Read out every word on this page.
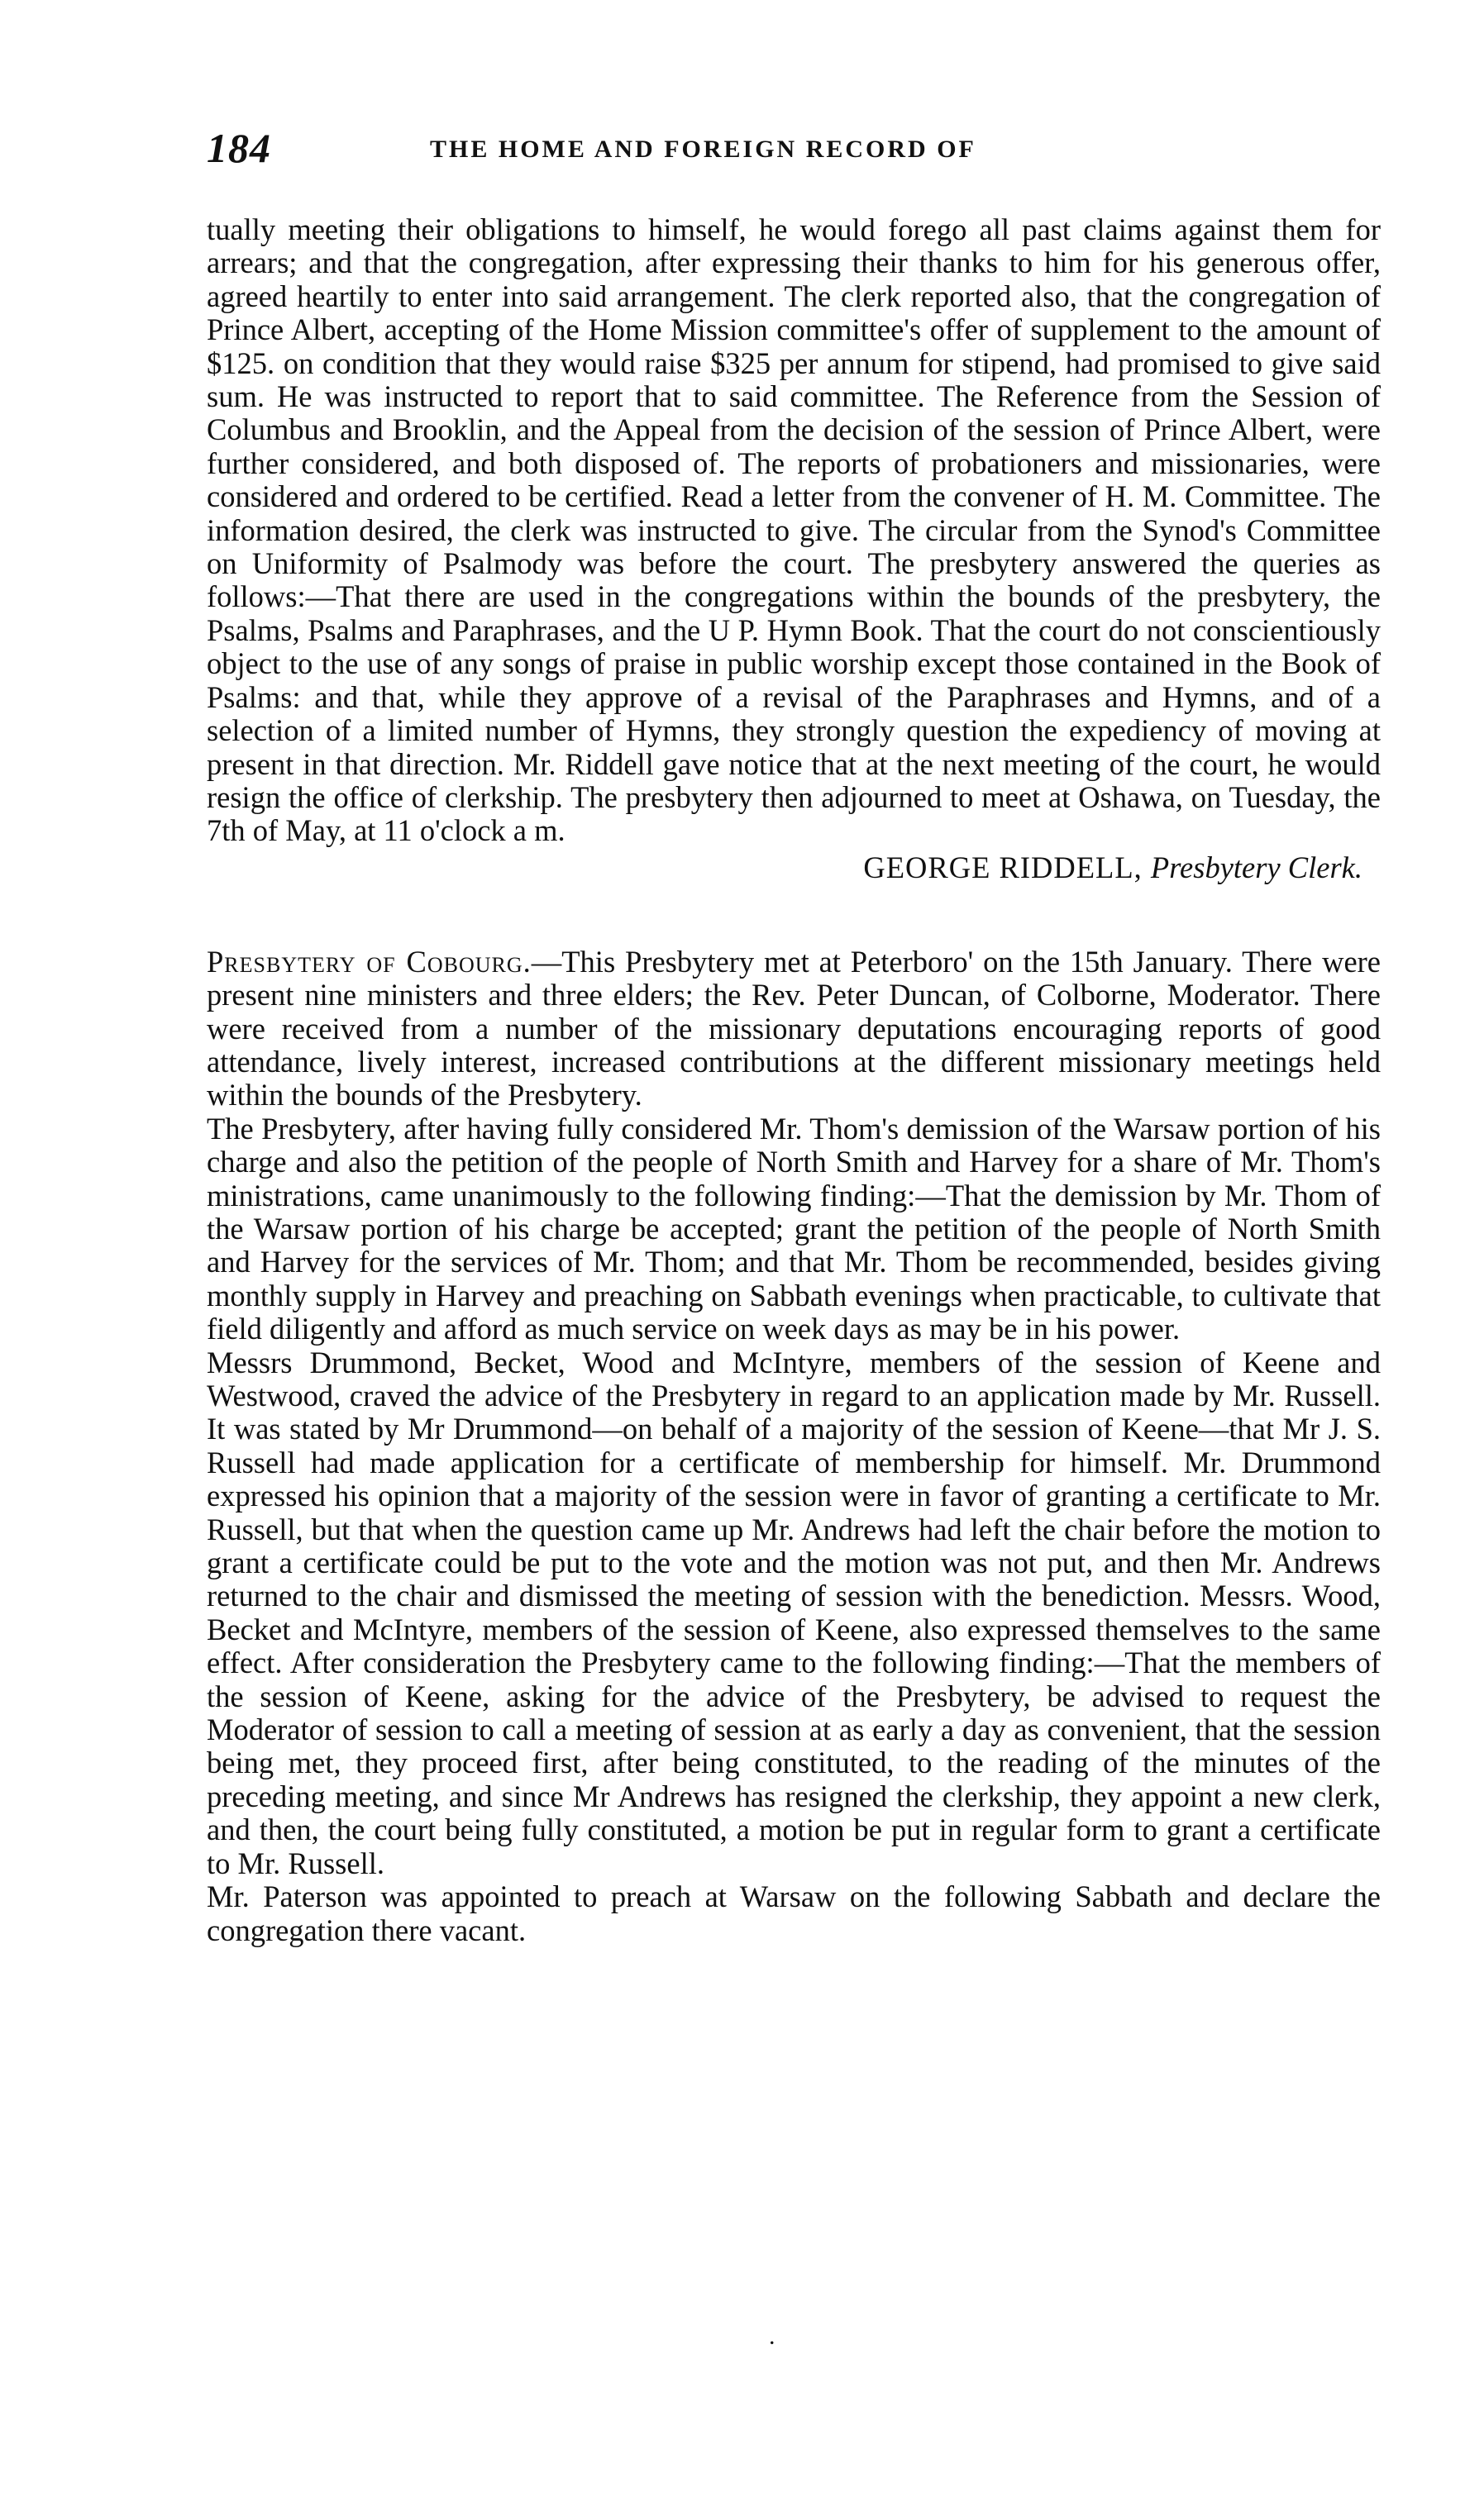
184	THE HOME AND FOREIGN RECORD OF

tually meeting their obligations to himself, he would forego all past claims against them for arrears; and that the congregation, after expressing their thanks to him for his generous offer, agreed heartily to enter into said arrangement. The clerk reported also, that the congregation of Prince Albert, accepting of the Home Mission committee's offer of supplement to the amount of $125. on condition that they would raise $325 per annum for stipend, had promised to give said sum. He was instructed to report that to said committee. The Reference from the Session of Columbus and Brooklin, and the Appeal from the decision of the session of Prince Albert, were further considered, and both disposed of. The reports of probationers and missionaries, were considered and ordered to be certified. Read a letter from the convener of H. M. Committee. The information desired, the clerk was instructed to give. The circular from the Synod's Committee on Uniformity of Psalmody was before the court. The presbytery answered the queries as follows:—That there are used in the congregations within the bounds of the presbytery, the Psalms, Psalms and Paraphrases, and the U P. Hymn Book. That the court do not conscientiously object to the use of any songs of praise in public worship except those contained in the Book of Psalms: and that, while they approve of a revisal of the Paraphrases and Hymns, and of a selection of a limited number of Hymns, they strongly question the expediency of moving at present in that direction. Mr. Riddell gave notice that at the next meeting of the court, he would resign the office of clerkship. The presbytery then adjourned to meet at Oshawa, on Tuesday, the 7th of May, at 11 o'clock a m.

GEORGE RIDDELL, Presbytery Clerk.

Presbytery of Cobourg.—This Presbytery met at Peterboro' on the 15th January. There were present nine ministers and three elders; the Rev. Peter Duncan, of Colborne, Moderator. There were received from a number of the missionary deputations encouraging reports of good attendance, lively interest, increased contributions at the different missionary meetings held within the bounds of the Presbytery.

The Presbytery, after having fully considered Mr. Thom's demission of the Warsaw portion of his charge and also the petition of the people of North Smith and Harvey for a share of Mr. Thom's ministrations, came unanimously to the following finding:—That the demission by Mr. Thom of the Warsaw portion of his charge be accepted; grant the petition of the people of North Smith and Harvey for the services of Mr. Thom; and that Mr. Thom be recommended, besides giving monthly supply in Harvey and preaching on Sabbath evenings when practicable, to cultivate that field diligently and afford as much service on week days as may be in his power.

Messrs Drummond, Becket, Wood and McIntyre, members of the session of Keene and Westwood, craved the advice of the Presbytery in regard to an application made by Mr. Russell. It was stated by Mr Drummond—on behalf of a majority of the session of Keene—that Mr J. S. Russell had made application for a certificate of membership for himself. Mr. Drummond expressed his opinion that a majority of the session were in favor of granting a certificate to Mr. Russell, but that when the question came up Mr. Andrews had left the chair before the motion to grant a certificate could be put to the vote and the motion was not put, and then Mr. Andrews returned to the chair and dismissed the meeting of session with the benediction. Messrs. Wood, Becket and McIntyre, members of the session of Keene, also expressed themselves to the same effect. After consideration the Presbytery came to the following finding:—That the members of the session of Keene, asking for the advice of the Presbytery, be advised to request the Moderator of session to call a meeting of session at as early a day as convenient, that the session being met, they proceed first, after being constituted, to the reading of the minutes of the preceding meeting, and since Mr Andrews has resigned the clerkship, they appoint a new clerk, and then, the court being fully constituted, a motion be put in regular form to grant a certificate to Mr. Russell.

Mr. Paterson was appointed to preach at Warsaw on the following Sabbath and declare the congregation there vacant.

.
